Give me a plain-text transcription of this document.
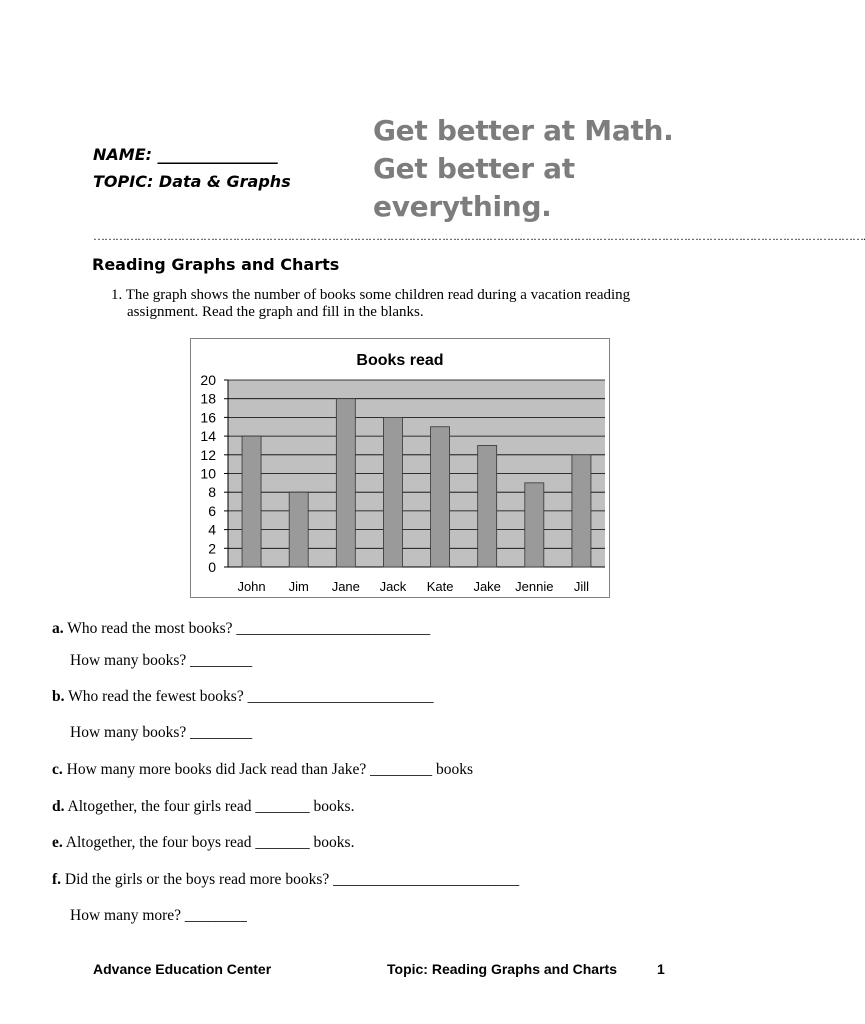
NAME: _______________
TOPIC: Data & Graphs
Get better at Math.
Get better at
everything.
………………………………………………………………………………………………………………………………………………………………………………………….
Reading Graphs and Charts
1. The graph shows the number of books some children read during a vacation reading
assignment. Read the graph and fill in the blanks.
Books read
0
2
4
6
8
10
12
14
16
18
20
John Jim Jane Jack Kate Jake Jennie Jill
a. Who read the most books? _________________________
How many books? ________
b. Who read the fewest books? ________________________
How many books? ________
c. How many more books did Jack read than Jake? ________ books
d. Altogether, the four girls read _______ books.
e. Altogether, the four boys read _______ books.
f. Did the girls or the boys read more books? ________________________
How many more? ________
Advance Education Center	Topic: Reading Graphs and Charts	1
